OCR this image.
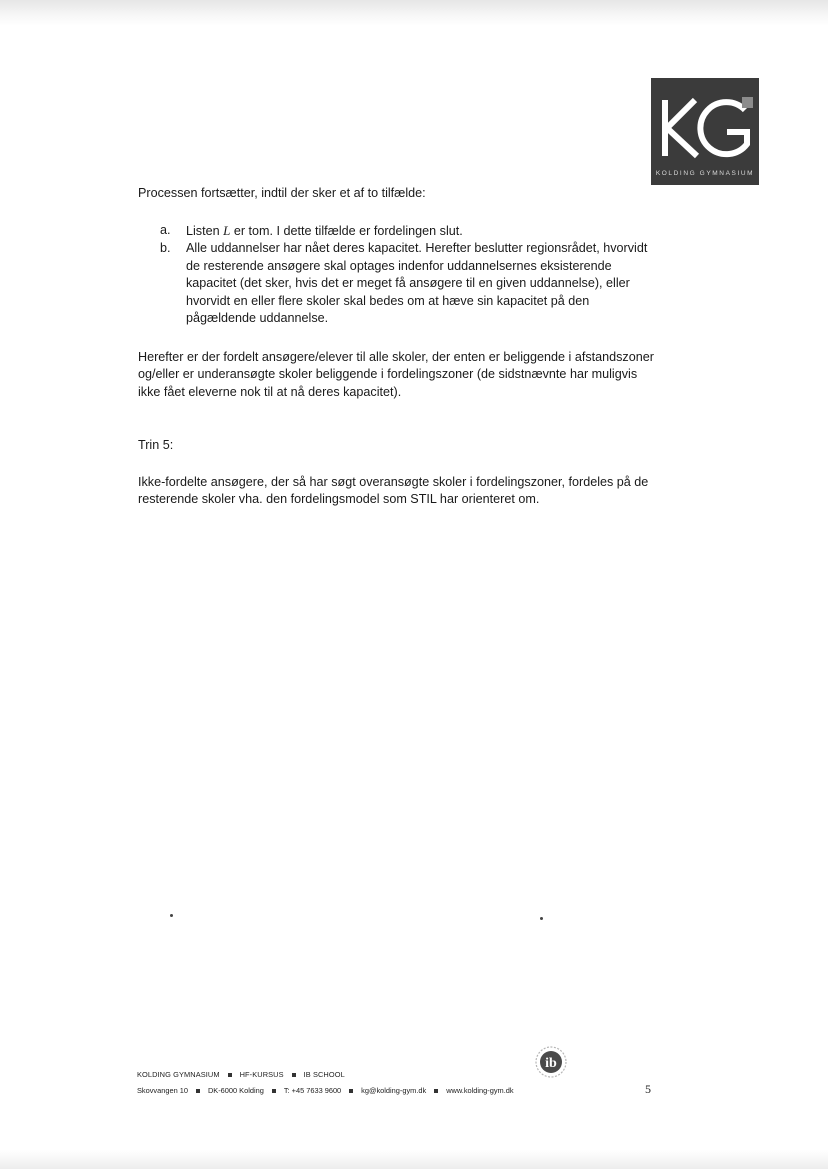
KOLDING GYMNASIUM

Processen fortsætter, indtil der sker et af to tilfælde:

a. Listen L er tom. I dette tilfælde er fordelingen slut.
b. Alle uddannelser har nået deres kapacitet. Herefter beslutter regionsrådet, hvorvidt de resterende ansøgere skal optages indenfor uddannelsernes eksisterende kapacitet (det sker, hvis det er meget få ansøgere til en given uddannelse), eller hvorvidt en eller flere skoler skal bedes om at hæve sin kapacitet på den pågældende uddannelse.

Herefter er der fordelt ansøgere/elever til alle skoler, der enten er beliggende i afstandszoner og/eller er underansøgte skoler beliggende i fordelingszoner (de sidstnævnte har muligvis ikke fået eleverne nok til at nå deres kapacitet).

Trin 5:

Ikke-fordelte ansøgere, der så har søgt overansøgte skoler i fordelingszoner, fordeles på de resterende skoler vha. den fordelingsmodel som STIL har orienteret om.

ib
KOLDING GYMNASIUM	HF-KURSUS	IB SCHOOL
Skovvangen 10	DK-6000 Kolding	T: +45 7633 9600	kg@kolding-gym.dk	www.kolding-gym.dk	5
